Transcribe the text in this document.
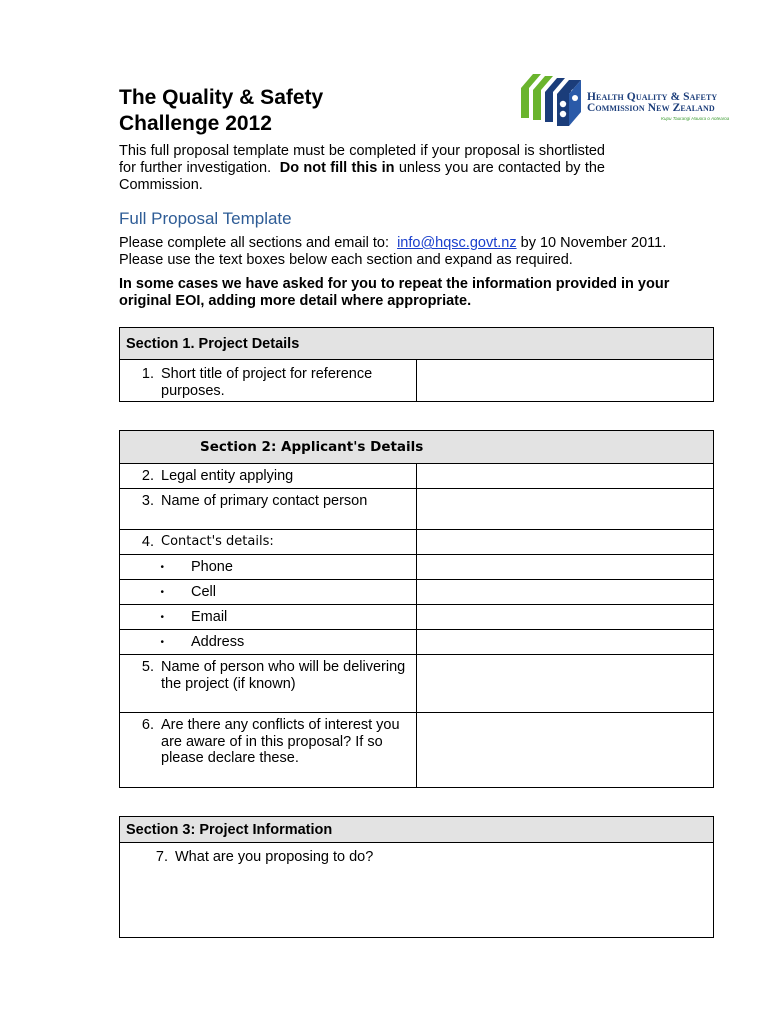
The Quality & Safety
Challenge 2012
Health Quality & Safety
Commission New Zealand
Kupu Taurangi Hauora o Aotearoa
This full proposal template must be completed if your proposal is shortlisted for further investigation. Do not fill this in unless you are contacted by the Commission.
Full Proposal Template
Please complete all sections and email to: info@hqsc.govt.nz by 10 November 2011. Please use the text boxes below each section and expand as required.
In some cases we have asked for you to repeat the information provided in your original EOI, adding more detail where appropriate.
Section 1. Project Details

1. Short title of project for reference purposes.

Section 2: Applicant's Details	

2. Legal entity applying	

3. Name of primary contact person	

4. Contact's details:	

• Phone	

• Cell	

• Email	

• Address	

5. Name of person who will be delivering the project (if known)	

6. Are there any conflicts of interest you are aware of in this proposal? If so please declare these.	

Section 3: Project Information

7. What are you proposing to do?
